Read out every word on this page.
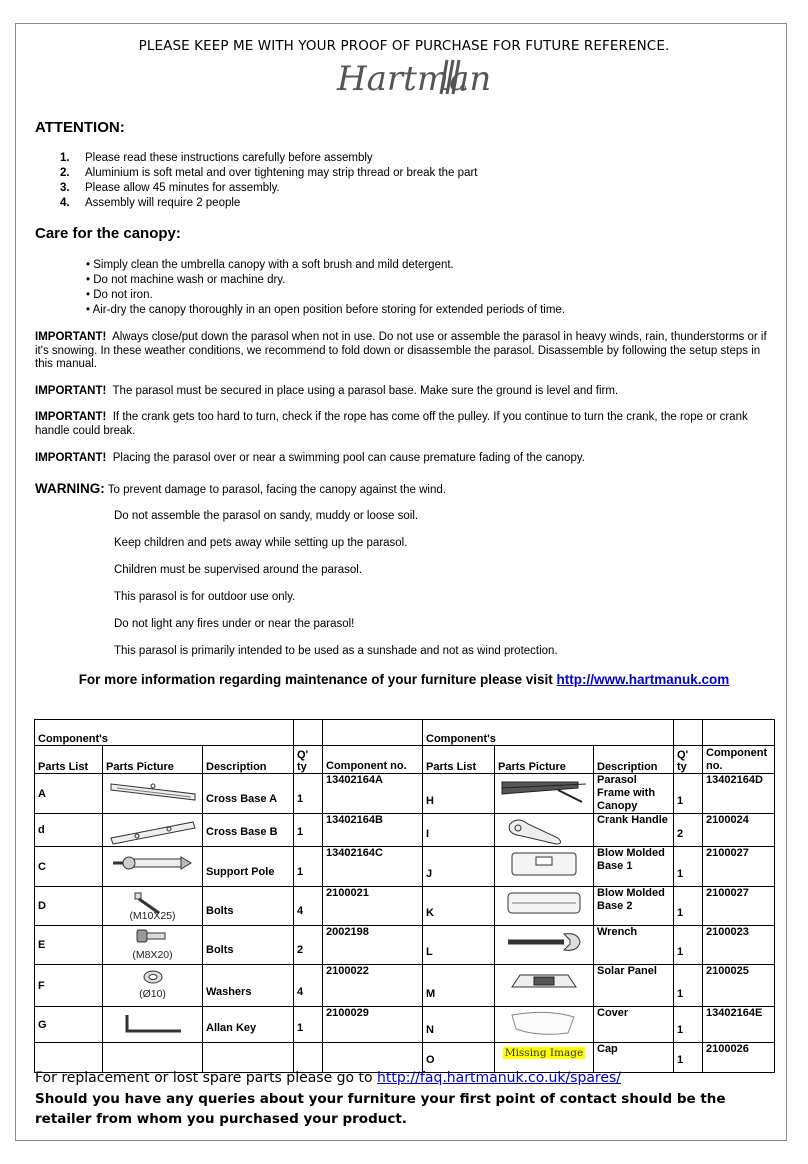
PLEASE KEEP ME WITH YOUR PROOF OF PURCHASE FOR FUTURE REFERENCE.
Hartman
ATTENTION:
1. Please read these instructions carefully before assembly
2. Aluminium is soft metal and over tightening may strip thread or break the part
3. Please allow 45 minutes for assembly.
4. Assembly will require 2 people
Care for the canopy:
• Simply clean the umbrella canopy with a soft brush and mild detergent.
• Do not machine wash or machine dry.
• Do not iron.
• Air-dry the canopy thoroughly in an open position before storing for extended periods of time.
IMPORTANT! Always close/put down the parasol when not in use. Do not use or assemble the parasol in heavy winds, rain, thunderstorms or if it's snowing. In these weather conditions, we recommend to fold down or disassemble the parasol. Disassemble by following the setup steps in this manual.
IMPORTANT! The parasol must be secured in place using a parasol base. Make sure the ground is level and firm.
IMPORTANT! If the crank gets too hard to turn, check if the rope has come off the pulley. If you continue to turn the crank, the rope or crank handle could break.
IMPORTANT! Placing the parasol over or near a swimming pool can cause premature fading of the canopy.
WARNING: To prevent damage to parasol, facing the canopy against the wind.
Do not assemble the parasol on sandy, muddy or loose soil.
Keep children and pets away while setting up the parasol.
Children must be supervised around the parasol.
This parasol is for outdoor use only.
Do not light any fires under or near the parasol!
This parasol is primarily intended to be used as a sunshade and not as wind protection.
For more information regarding maintenance of your furniture please visit http://www.hartmanuk.com
Component's					Component's				
Parts List	Parts Picture	Description	Q' ty	Component no.	Parts List	Parts Picture	Description	Q' ty	Component no.
A		Cross Base A	1	13402164A	H		Parasol Frame with Canopy	1	13402164D
d		Cross Base B	1	13402164B	I		Crank Handle	2	2100024
C		Support Pole	1	13402164C	J		Blow Molded Base 1	1	2100027
D	(M10X25)	Bolts	4	2100021	K		Blow Molded Base 2	1	2100027
E	(M8X20)	Bolts	2	2002198	L		Wrench	1	2100023
F	(Ø10)	Washers	4	2100022	M		Solar Panel	1	2100025
G		Allan Key	1	2100029	N		Cover	1	13402164E
					O	Missing Image	Cap	1	2100026
For replacement or lost spare parts please go to http://faq.hartmanuk.co.uk/spares/
Should you have any queries about your furniture your first point of contact should be the retailer from whom you purchased your product.
